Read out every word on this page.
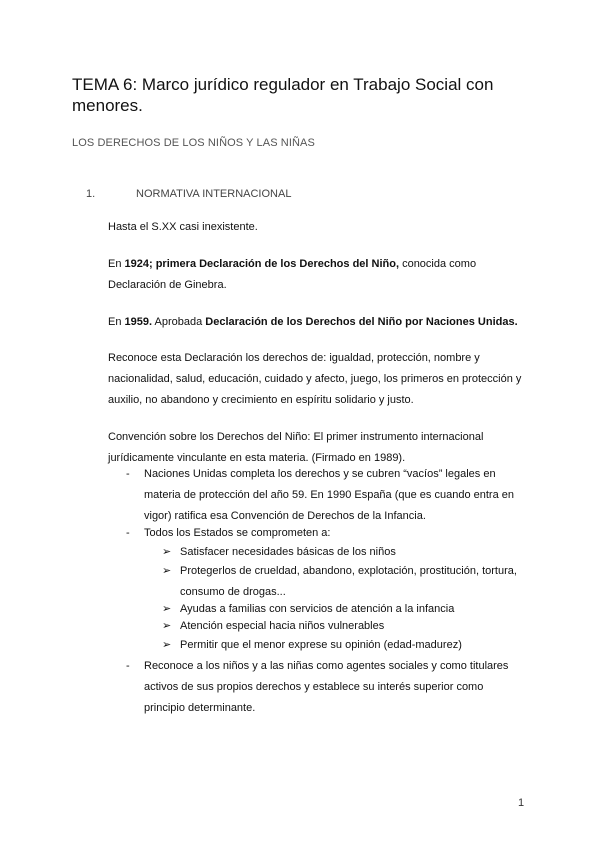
TEMA 6: Marco jurídico regulador en Trabajo Social con menores.
LOS DERECHOS DE LOS NIÑOS Y LAS NIÑAS
1.	NORMATIVA INTERNACIONAL
Hasta el S.XX casi inexistente.
En 1924; primera Declaración de los Derechos del Niño, conocida como Declaración de Ginebra.
En 1959. Aprobada Declaración de los Derechos del Niño por Naciones Unidas.
Reconoce esta Declaración los derechos de: igualdad, protección, nombre y nacionalidad, salud, educación, cuidado y afecto, juego, los primeros en protección y auxilio, no abandono y crecimiento en espíritu solidario y justo.
Convención sobre los Derechos del Niño: El primer instrumento internacional jurídicamente vinculante en esta materia. (Firmado en 1989).
- Naciones Unidas completa los derechos y se cubren “vacíos” legales en materia de protección del año 59. En 1990 España (que es cuando entra en vigor) ratifica esa Convención de Derechos de la Infancia.
- Todos los Estados se comprometen a:
➢ Satisfacer necesidades básicas de los niños
➢ Protegerlos de crueldad, abandono, explotación, prostitución, tortura, consumo de drogas...
➢ Ayudas a familias con servicios de atención a la infancia
➢ Atención especial hacia niños vulnerables
➢ Permitir que el menor exprese su opinión (edad-madurez)
- Reconoce a los niños y a las niñas como agentes sociales y como titulares activos de sus propios derechos y establece su interés superior como principio determinante.
1
